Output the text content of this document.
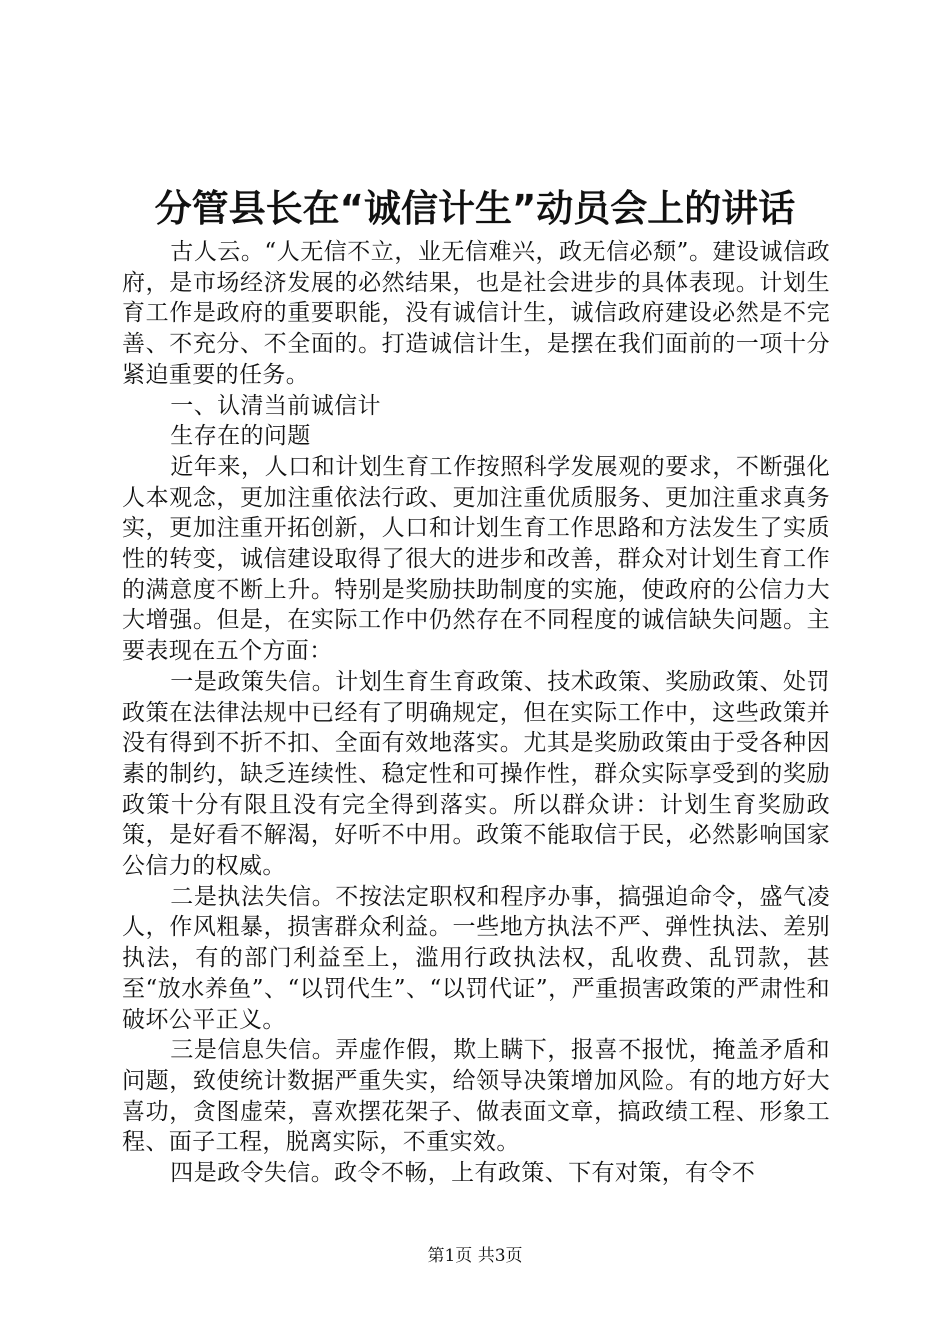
分管县长在“诚信计生”动员会上的讲话

古人云。“人无信不立，业无信难兴，政无信必颓”。建设诚信政府，是市场经济发展的必然结果，也是社会进步的具体表现。计划生育工作是政府的重要职能，没有诚信计生，诚信政府建设必然是不完善、不充分、不全面的。打造诚信计生，是摆在我们面前的一项十分紧迫重要的任务。

一、认清当前诚信计

生存在的问题

近年来，人口和计划生育工作按照科学发展观的要求，不断强化人本观念，更加注重依法行政、更加注重优质服务、更加注重求真务实，更加注重开拓创新，人口和计划生育工作思路和方法发生了实质性的转变，诚信建设取得了很大的进步和改善，群众对计划生育工作的满意度不断上升。特别是奖励扶助制度的实施，使政府的公信力大大增强。但是，在实际工作中仍然存在不同程度的诚信缺失问题。主要表现在五个方面：

一是政策失信。计划生育生育政策、技术政策、奖励政策、处罚政策在法律法规中已经有了明确规定，但在实际工作中，这些政策并没有得到不折不扣、全面有效地落实。尤其是奖励政策由于受各种因素的制约，缺乏连续性、稳定性和可操作性，群众实际享受到的奖励政策十分有限且没有完全得到落实。所以群众讲：计划生育奖励政策，是好看不解渴，好听不中用。政策不能取信于民，必然影响国家公信力的权威。

二是执法失信。不按法定职权和程序办事，搞强迫命令，盛气凌人，作风粗暴，损害群众利益。一些地方执法不严、弹性执法、差别执法，有的部门利益至上，滥用行政执法权，乱收费、乱罚款，甚至“放水养鱼”、“以罚代生”、“以罚代证”，严重损害政策的严肃性和破坏公平正义。

三是信息失信。弄虚作假，欺上瞒下，报喜不报忧，掩盖矛盾和问题，致使统计数据严重失实，给领导决策增加风险。有的地方好大喜功，贪图虚荣，喜欢摆花架子、做表面文章，搞政绩工程、形象工程、面子工程，脱离实际，不重实效。

四是政令失信。政令不畅，上有政策、下有对策，有令不

第1页 共3页
